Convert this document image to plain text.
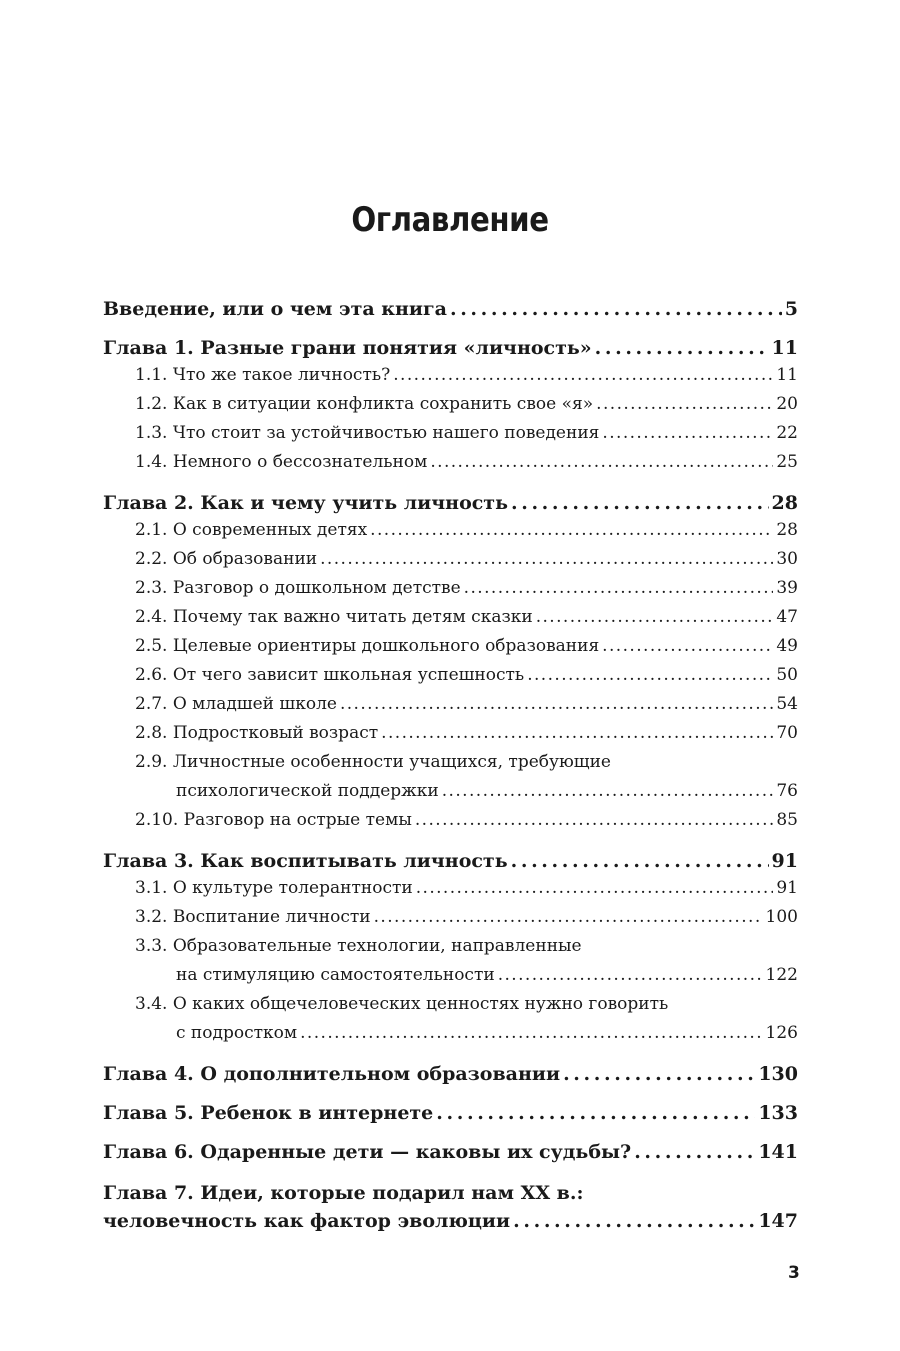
Оглавление
Введение, или о чем эта книга . . .	5
Глава 1. Разные грани понятия «личность» . . .	11
1.1. Что же такое личность? . . .	11
1.2. Как в ситуации конфликта сохранить свое «я» . . .	20
1.3. Что стоит за устойчивостью нашего поведения . . .	22
1.4. Немного о бессознательном . . .	25
Глава 2. Как и чему учить личность . . .	28
2.1. О современных детях . . .	28
2.2. Об образовании . . .	30
2.3. Разговор о дошкольном детстве . . .	39
2.4. Почему так важно читать детям сказки . . .	47
2.5. Целевые ориентиры дошкольного образования . . .	49
2.6. От чего зависит школьная успешность . . .	50
2.7. О младшей школе . . .	54
2.8. Подростковый возраст . . .	70
2.9. Личностные особенности учащихся, требующие
психологической поддержки . . .	76
2.10. Разговор на острые темы . . .	85
Глава 3. Как воспитывать личность . . .	91
3.1. О культуре толерантности . . .	91
3.2. Воспитание личности . . .	100
3.3. Образовательные технологии, направленные
на стимуляцию самостоятельности . . .	122
3.4. О каких общечеловеческих ценностях нужно говорить
с подростком . . .	126
Глава 4. О дополнительном образовании . . .	130
Глава 5. Ребенок в интернете . . .	133
Глава 6. Одаренные дети — каковы их судьбы? . . .	141
Глава 7. Идеи, которые подарил нам XX в.:
человечность как фактор эволюции . . .	147
3
